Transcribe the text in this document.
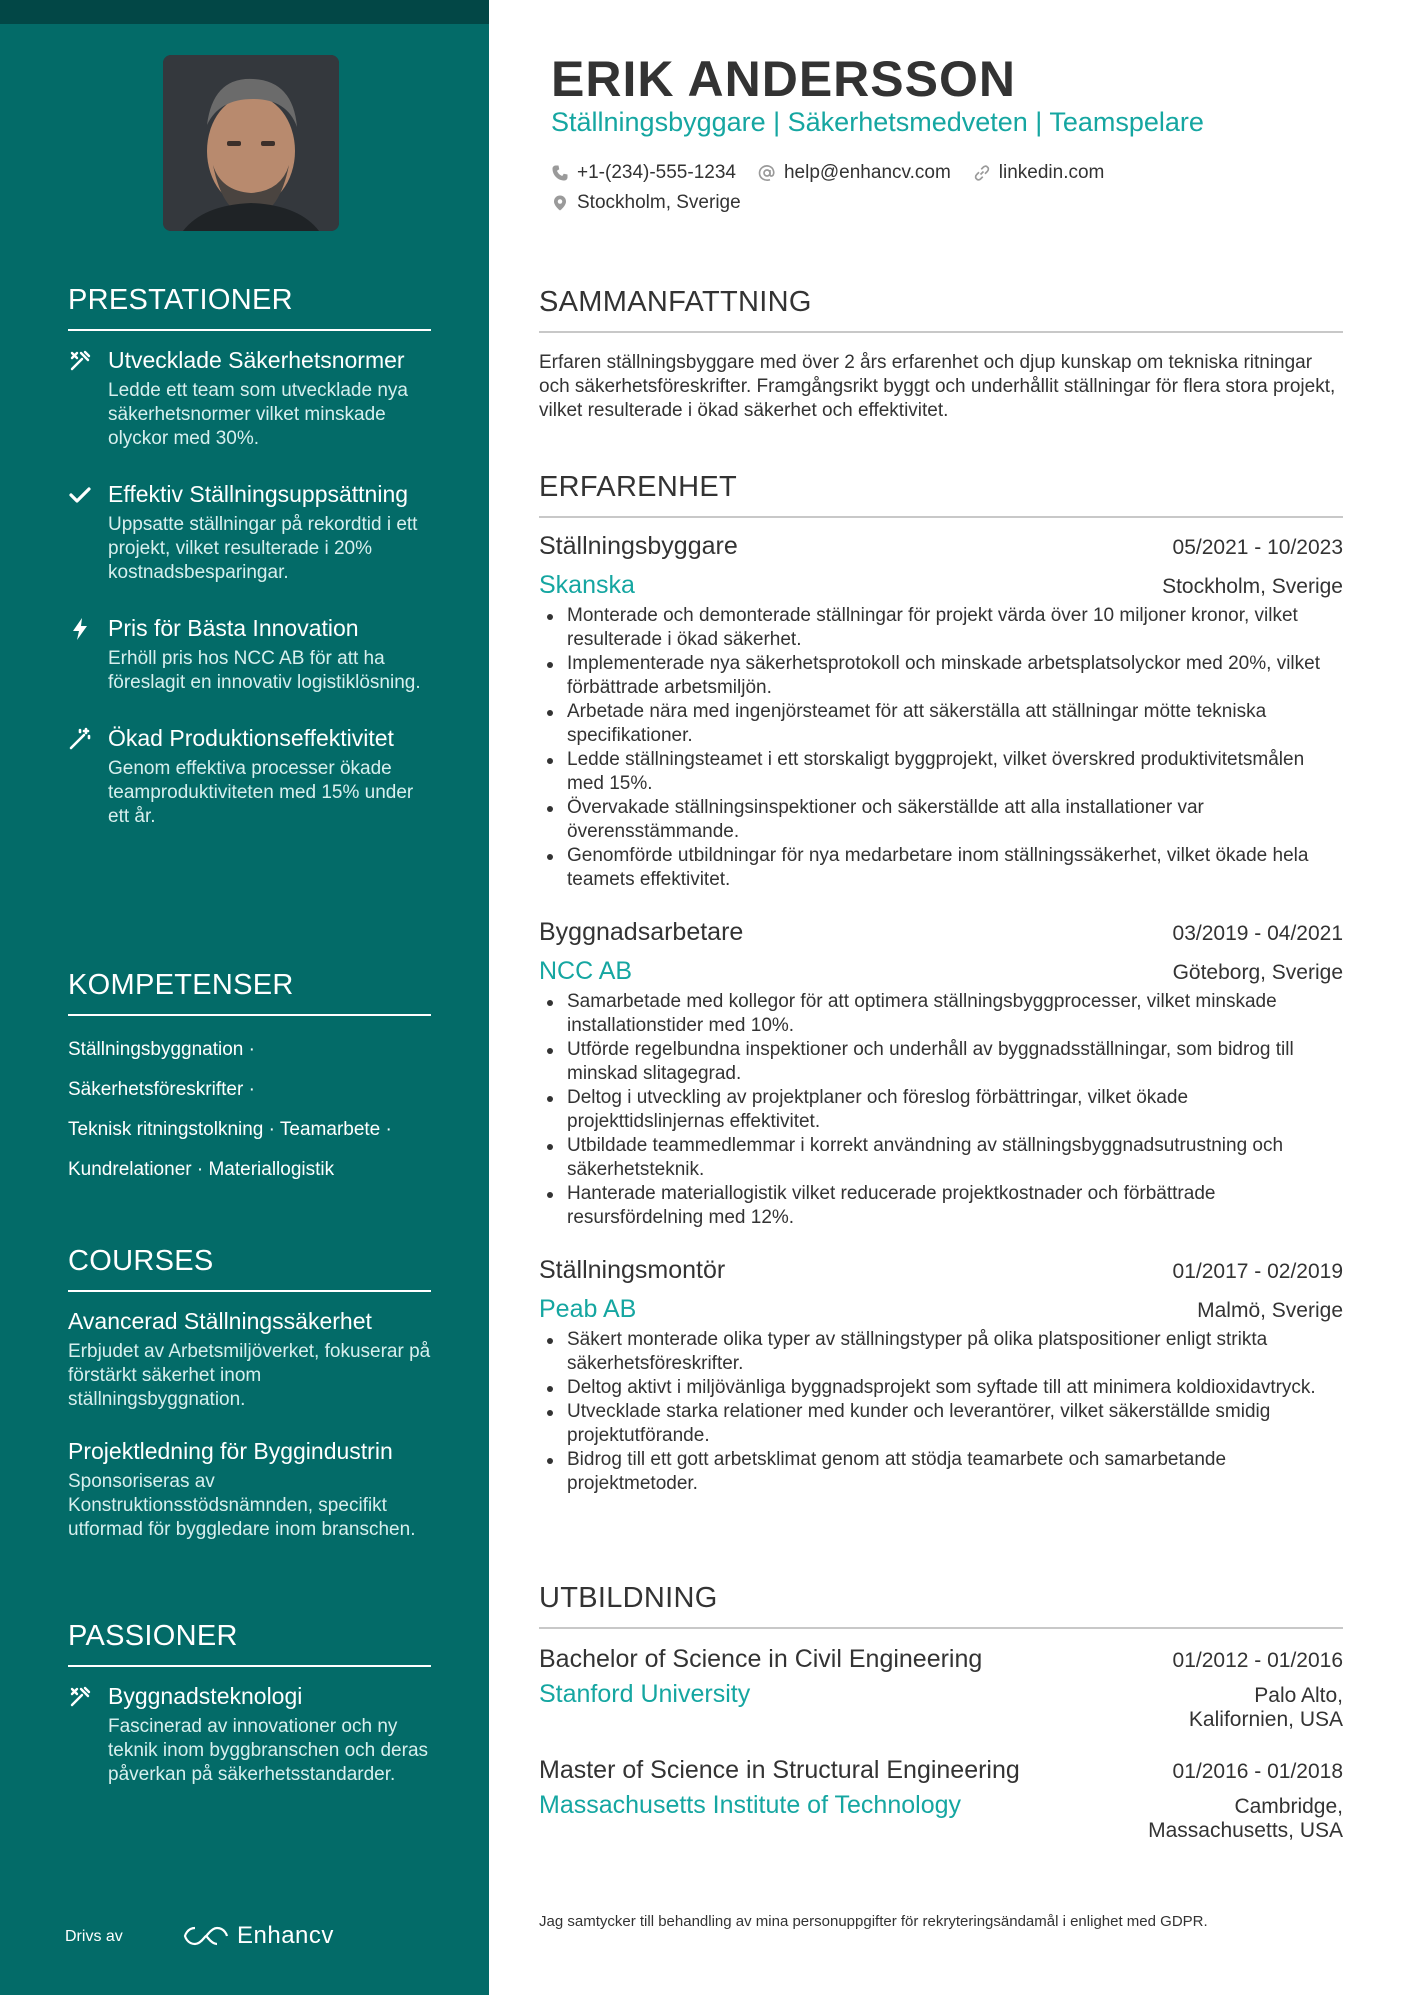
PRESTATIONER
Utvecklade Säkerhetsnormer
Ledde ett team som utvecklade nya säkerhetsnormer vilket minskade olyckor med 30%.
Effektiv Ställningsuppsättning
Uppsatte ställningar på rekordtid i ett projekt, vilket resulterade i 20% kostnadsbesparingar.
Pris för Bästa Innovation
Erhöll pris hos NCC AB för att ha föreslagit en innovativ logistiklösning.
Ökad Produktionseffektivitet
Genom effektiva processer ökade teamproduktiviteten med 15% under ett år.
KOMPETENSER
Ställningsbyggnation ·
Säkerhetsföreskrifter ·
Teknisk ritningstolkning · Teamarbete ·
Kundrelationer · Materiallogistik
COURSES
Avancerad Ställningssäkerhet
Erbjudet av Arbetsmiljöverket, fokuserar på förstärkt säkerhet inom ställningsbyggnation.
Projektledning för Byggindustrin
Sponsoriseras av Konstruktionsstödsnämnden, specifikt utformad för byggledare inom branschen.
PASSIONER
Byggnadsteknologi
Fascinerad av innovationer och ny teknik inom byggbranschen och deras påverkan på säkerhetsstandarder.
Drivs av	Enhancv
ERIK ANDERSSON
Ställningsbyggare | Säkerhetsmedveten | Teamspelare
+1-(234)-555-1234	help@enhancv.com	linkedin.com
Stockholm, Sverige
SAMMANFATTNING
Erfaren ställningsbyggare med över 2 års erfarenhet och djup kunskap om tekniska ritningar och säkerhetsföreskrifter. Framgångsrikt byggt och underhållit ställningar för flera stora projekt, vilket resulterade i ökad säkerhet och effektivitet.
ERFARENHET
Ställningsbyggare	05/2021 - 10/2023
Skanska	Stockholm, Sverige
Monterade och demonterade ställningar för projekt värda över 10 miljoner kronor, vilket resulterade i ökad säkerhet.
Implementerade nya säkerhetsprotokoll och minskade arbetsplatsolyckor med 20%, vilket förbättrade arbetsmiljön.
Arbetade nära med ingenjörsteamet för att säkerställa att ställningar mötte tekniska specifikationer.
Ledde ställningsteamet i ett storskaligt byggprojekt, vilket överskred produktivitetsmålen med 15%.
Övervakade ställningsinspektioner och säkerställde att alla installationer var överensstämmande.
Genomförde utbildningar för nya medarbetare inom ställningssäkerhet, vilket ökade hela teamets effektivitet.
Byggnadsarbetare	03/2019 - 04/2021
NCC AB	Göteborg, Sverige
Samarbetade med kollegor för att optimera ställningsbyggprocesser, vilket minskade installationstider med 10%.
Utförde regelbundna inspektioner och underhåll av byggnadsställningar, som bidrog till minskad slitagegrad.
Deltog i utveckling av projektplaner och föreslog förbättringar, vilket ökade projekttidslinjernas effektivitet.
Utbildade teammedlemmar i korrekt användning av ställningsbyggnadsutrustning och säkerhetsteknik.
Hanterade materiallogistik vilket reducerade projektkostnader och förbättrade resursfördelning med 12%.
Ställningsmontör	01/2017 - 02/2019
Peab AB	Malmö, Sverige
Säkert monterade olika typer av ställningstyper på olika platspositioner enligt strikta säkerhetsföreskrifter.
Deltog aktivt i miljövänliga byggnadsprojekt som syftade till att minimera koldioxidavtryck.
Utvecklade starka relationer med kunder och leverantörer, vilket säkerställde smidig projektutförande.
Bidrog till ett gott arbetsklimat genom att stödja teamarbete och samarbetande projektmetoder.
UTBILDNING
Bachelor of Science in Civil Engineering	01/2012 - 01/2016
Stanford University	Palo Alto,
Kalifornien, USA
Master of Science in Structural Engineering	01/2016 - 01/2018
Massachusetts Institute of Technology	Cambridge,
Massachusetts, USA
Jag samtycker till behandling av mina personuppgifter för rekryteringsändamål i enlighet med GDPR.
